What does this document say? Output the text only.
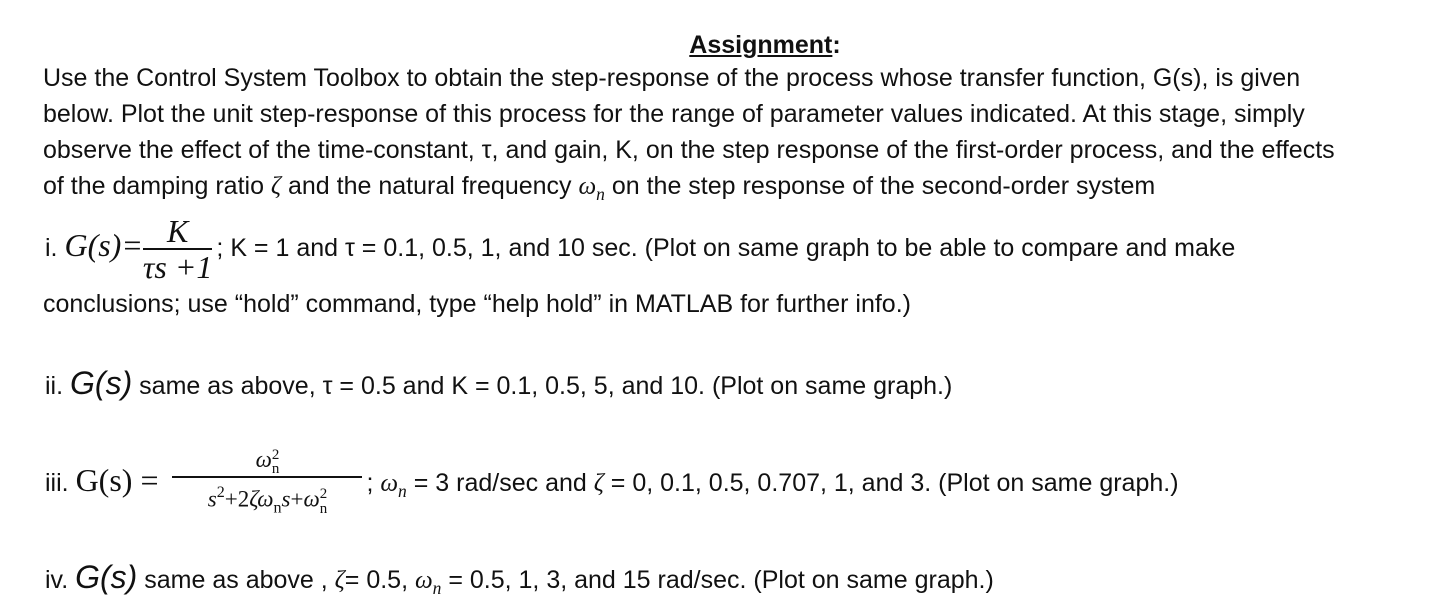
Assignment:
Use the Control System Toolbox to obtain the step-response of the process whose transfer function, G(s), is given
below. Plot the unit step-response of this process for the range of parameter values indicated. At this stage, simply
observe the effect of the time-constant, τ, and gain, K, on the step response of the first-order process, and the effects
of the damping ratio ζ and the natural frequency $\omega_n$ on the step response of the second-order system
i. $G(s)= \frac{K}{\tau s +1}$ ; K = 1 and τ = 0.1, 0.5, 1, and 10 sec. (Plot on same graph to be able to compare and make
conclusions; use “hold” command, type “help hold” in MATLAB for further info.)
ii. G(s) same as above, τ = 0.5 and K = 0.1, 0.5, 5, and 10. (Plot on same graph.)
iii. G(s) =
ω2
n
$s^2+2\zeta\omega_ns+\omega 2$
n
; $\omega_n = 3$ rad/sec and ζ = 0, 0.1, 0.5, 0.707, 1, and 3. (Plot on same graph.)
iv. G(s) same as above , ζ= 0.5, $\omega_n = 0.5$, 1, 3, and 15 rad/sec. (Plot on same graph.)
